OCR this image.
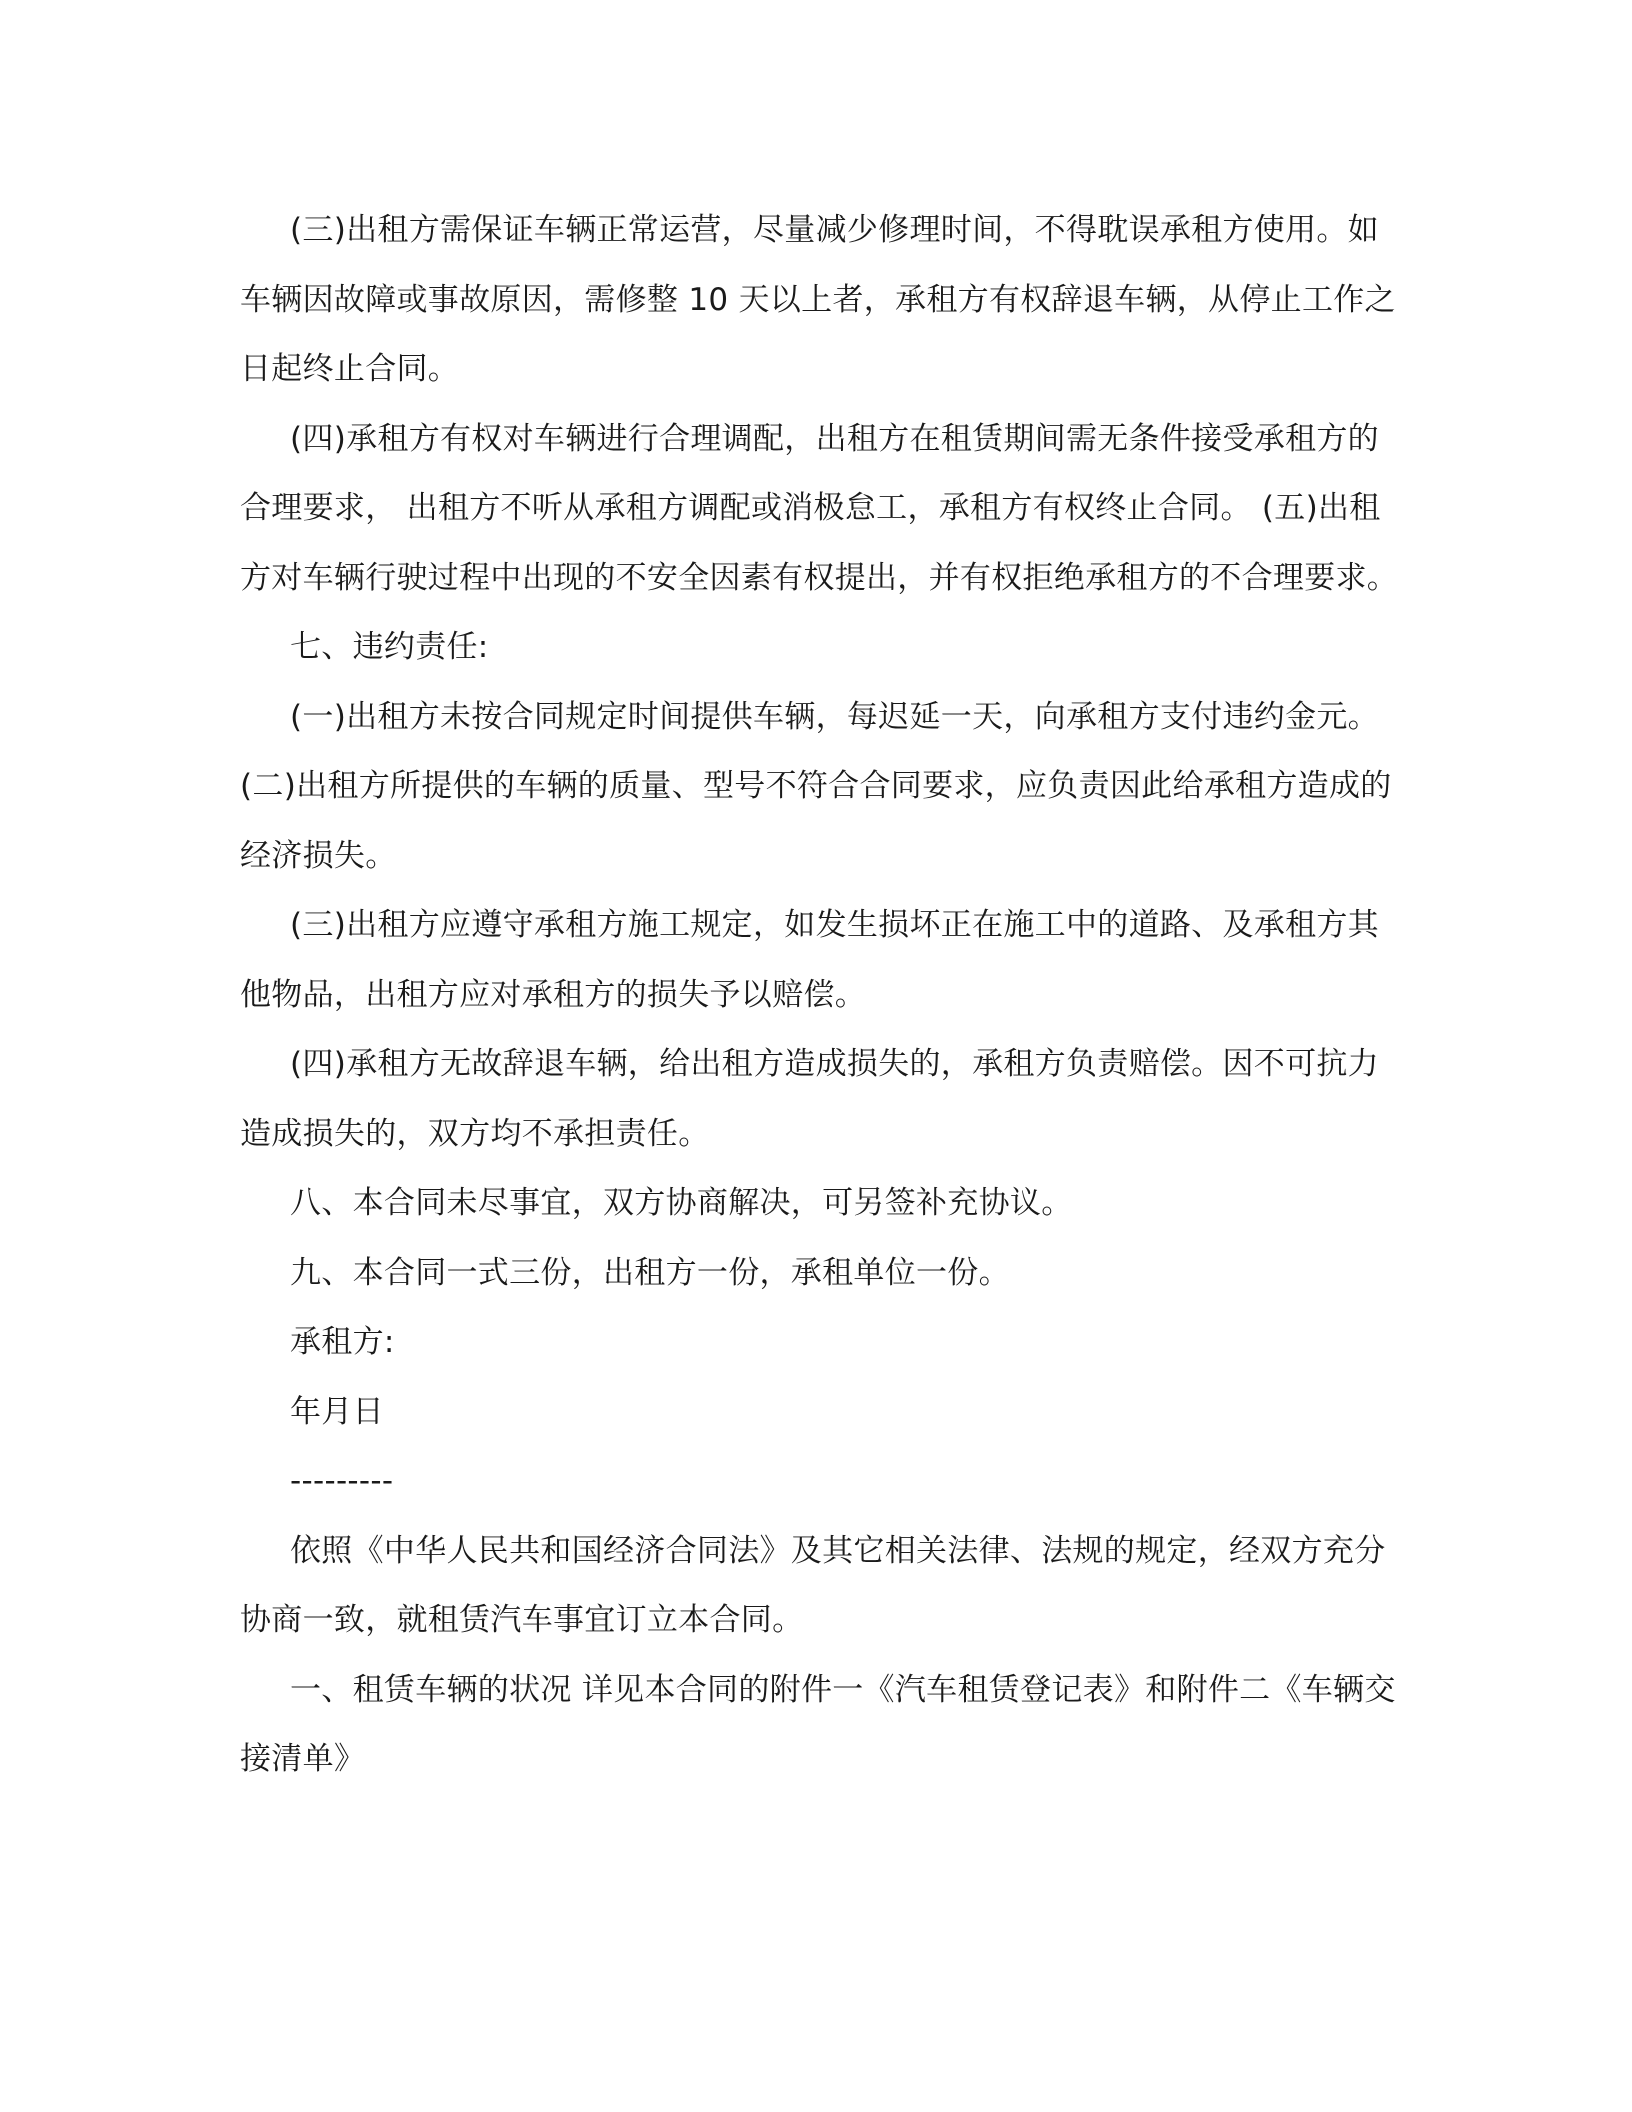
(三)出租方需保证车辆正常运营，尽量减少修理时间，不得耽误承租方使用。如车辆因故障或事故原因，需修整 10 天以上者，承租方有权辞退车辆，从停止工作之日起终止合同。

(四)承租方有权对车辆进行合理调配，出租方在租赁期间需无条件接受承租方的合理要求， 出租方不听从承租方调配或消极怠工，承租方有权终止合同。 (五)出租方对车辆行驶过程中出现的不安全因素有权提出，并有权拒绝承租方的不合理要求。

七、违约责任:

(一)出租方未按合同规定时间提供车辆，每迟延一天，向承租方支付违约金元。 (二)出租方所提供的车辆的质量、型号不符合合同要求，应负责因此给承租方造成的经济损失。

(三)出租方应遵守承租方施工规定，如发生损坏正在施工中的道路、及承租方其他物品，出租方应对承租方的损失予以赔偿。

(四)承租方无故辞退车辆，给出租方造成损失的，承租方负责赔偿。因不可抗力造成损失的，双方均不承担责任。

八、本合同未尽事宜，双方协商解决，可另签补充协议。

九、本合同一式三份，出租方一份，承租单位一份。

承租方:

年月日

---------

依照《中华人民共和国经济合同法》及其它相关法律、法规的规定，经双方充分协商一致，就租赁汽车事宜订立本合同。

一、租赁车辆的状况 详见本合同的附件一《汽车租赁登记表》和附件二《车辆交接清单》
